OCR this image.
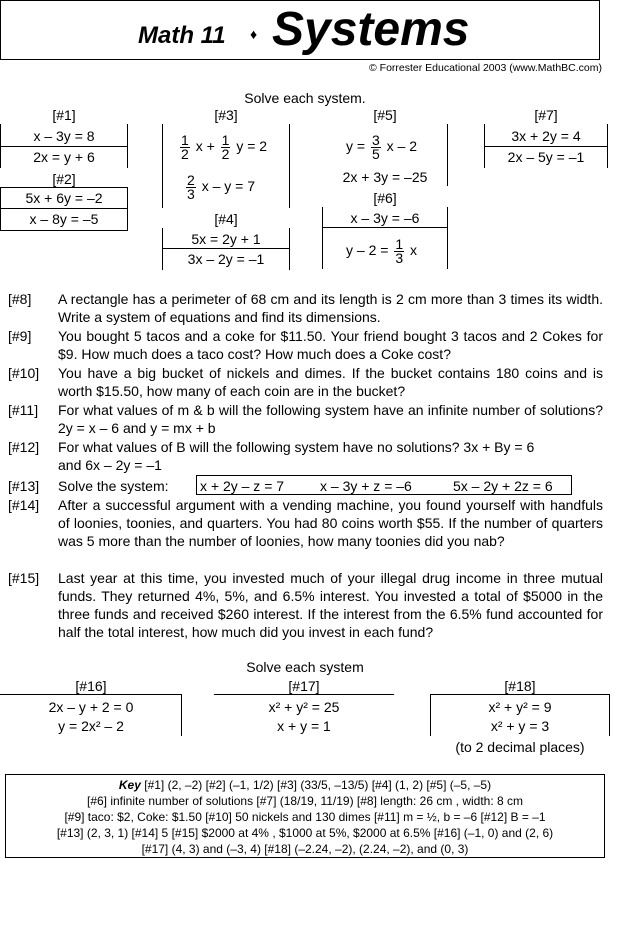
Math 11 ♦ Systems
© Forrester Educational 2003 (www.MathBC.com)
Solve each system.
[#1]
x – 3y = 8
2x = y + 6
[#2]
5x + 6y = –2
x – 8y = –5
[#3]
$\frac{1}{2}$ $x + \frac{1}{2}$ y = 2
$\frac{2}{3}$ x – y = 7
[#4]
5x = 2y + 1
3x – 2y = –1
[#5]
$y = \frac{3}{5}$ x – 2
2x + 3y = –25
[#6]
x – 3y = –6
$y - 2 = \frac{1}{3}$ x
[#7]
3x + 2y = 4
2x – 5y = –1
[#8] A rectangle has a perimeter of 68 cm and its length is 2 cm more than 3 times its width. Write a system of equations and find its dimensions.
[#9] You bought 5 tacos and a coke for $11.50. Your friend bought 3 tacos and 2 Cokes for $9. How much does a taco cost? How much does a Coke cost?
[#10] You have a big bucket of nickels and dimes. If the bucket contains 180 coins and is worth $15.50, how many of each coin are in the bucket?
[#11] For what values of m & b will the following system have an infinite number of solutions? 2y = x – 6 and y = mx + b
[#12] For what values of B will the following system have no solutions? 3x + By = 6 and 6x – 2y = –1
[#13] Solve the system: x + 2y – z = 7	x – 3y + z = –6	5x – 2y + 2z = 6
[#14] After a successful argument with a vending machine, you found yourself with handfuls of loonies, toonies, and quarters. You had 80 coins worth $55. If the number of quarters was 5 more than the number of loonies, how many toonies did you nab?
[#15] Last year at this time, you invested much of your illegal drug income in three mutual funds. They returned 4%, 5%, and 6.5% interest. You invested a total of $5000 in the three funds and received $260 interest. If the interest from the 6.5% fund accounted for half the total interest, how much did you invest in each fund?
Solve each system
[#16]
2x – y + 2 = 0
y = 2x² – 2
[#17]
x² + y² = 25
x + y = 1
[#18]
x² + y² = 9
x² + y = 3
(to 2 decimal places)
Key [#1] (2, –2) [#2] (–1, 1/2) [#3] (33/5, –13/5) [#4] (1, 2) [#5] (–5, –5)
[#6] infinite number of solutions [#7] (18/19, 11/19) [#8] length: 26 cm , width: 8 cm
[#9] taco: $2, Coke: $1.50 [#10] 50 nickels and 130 dimes [#11] m = ½, b = –6 [#12] B = –1
[#13] (2, 3, 1) [#14] 5 [#15] $2000 at 4% , $1000 at 5%, $2000 at 6.5% [#16] (–1, 0) and (2, 6)
[#17] (4, 3) and (–3, 4) [#18] (–2.24, –2), (2.24, –2), and (0, 3)
